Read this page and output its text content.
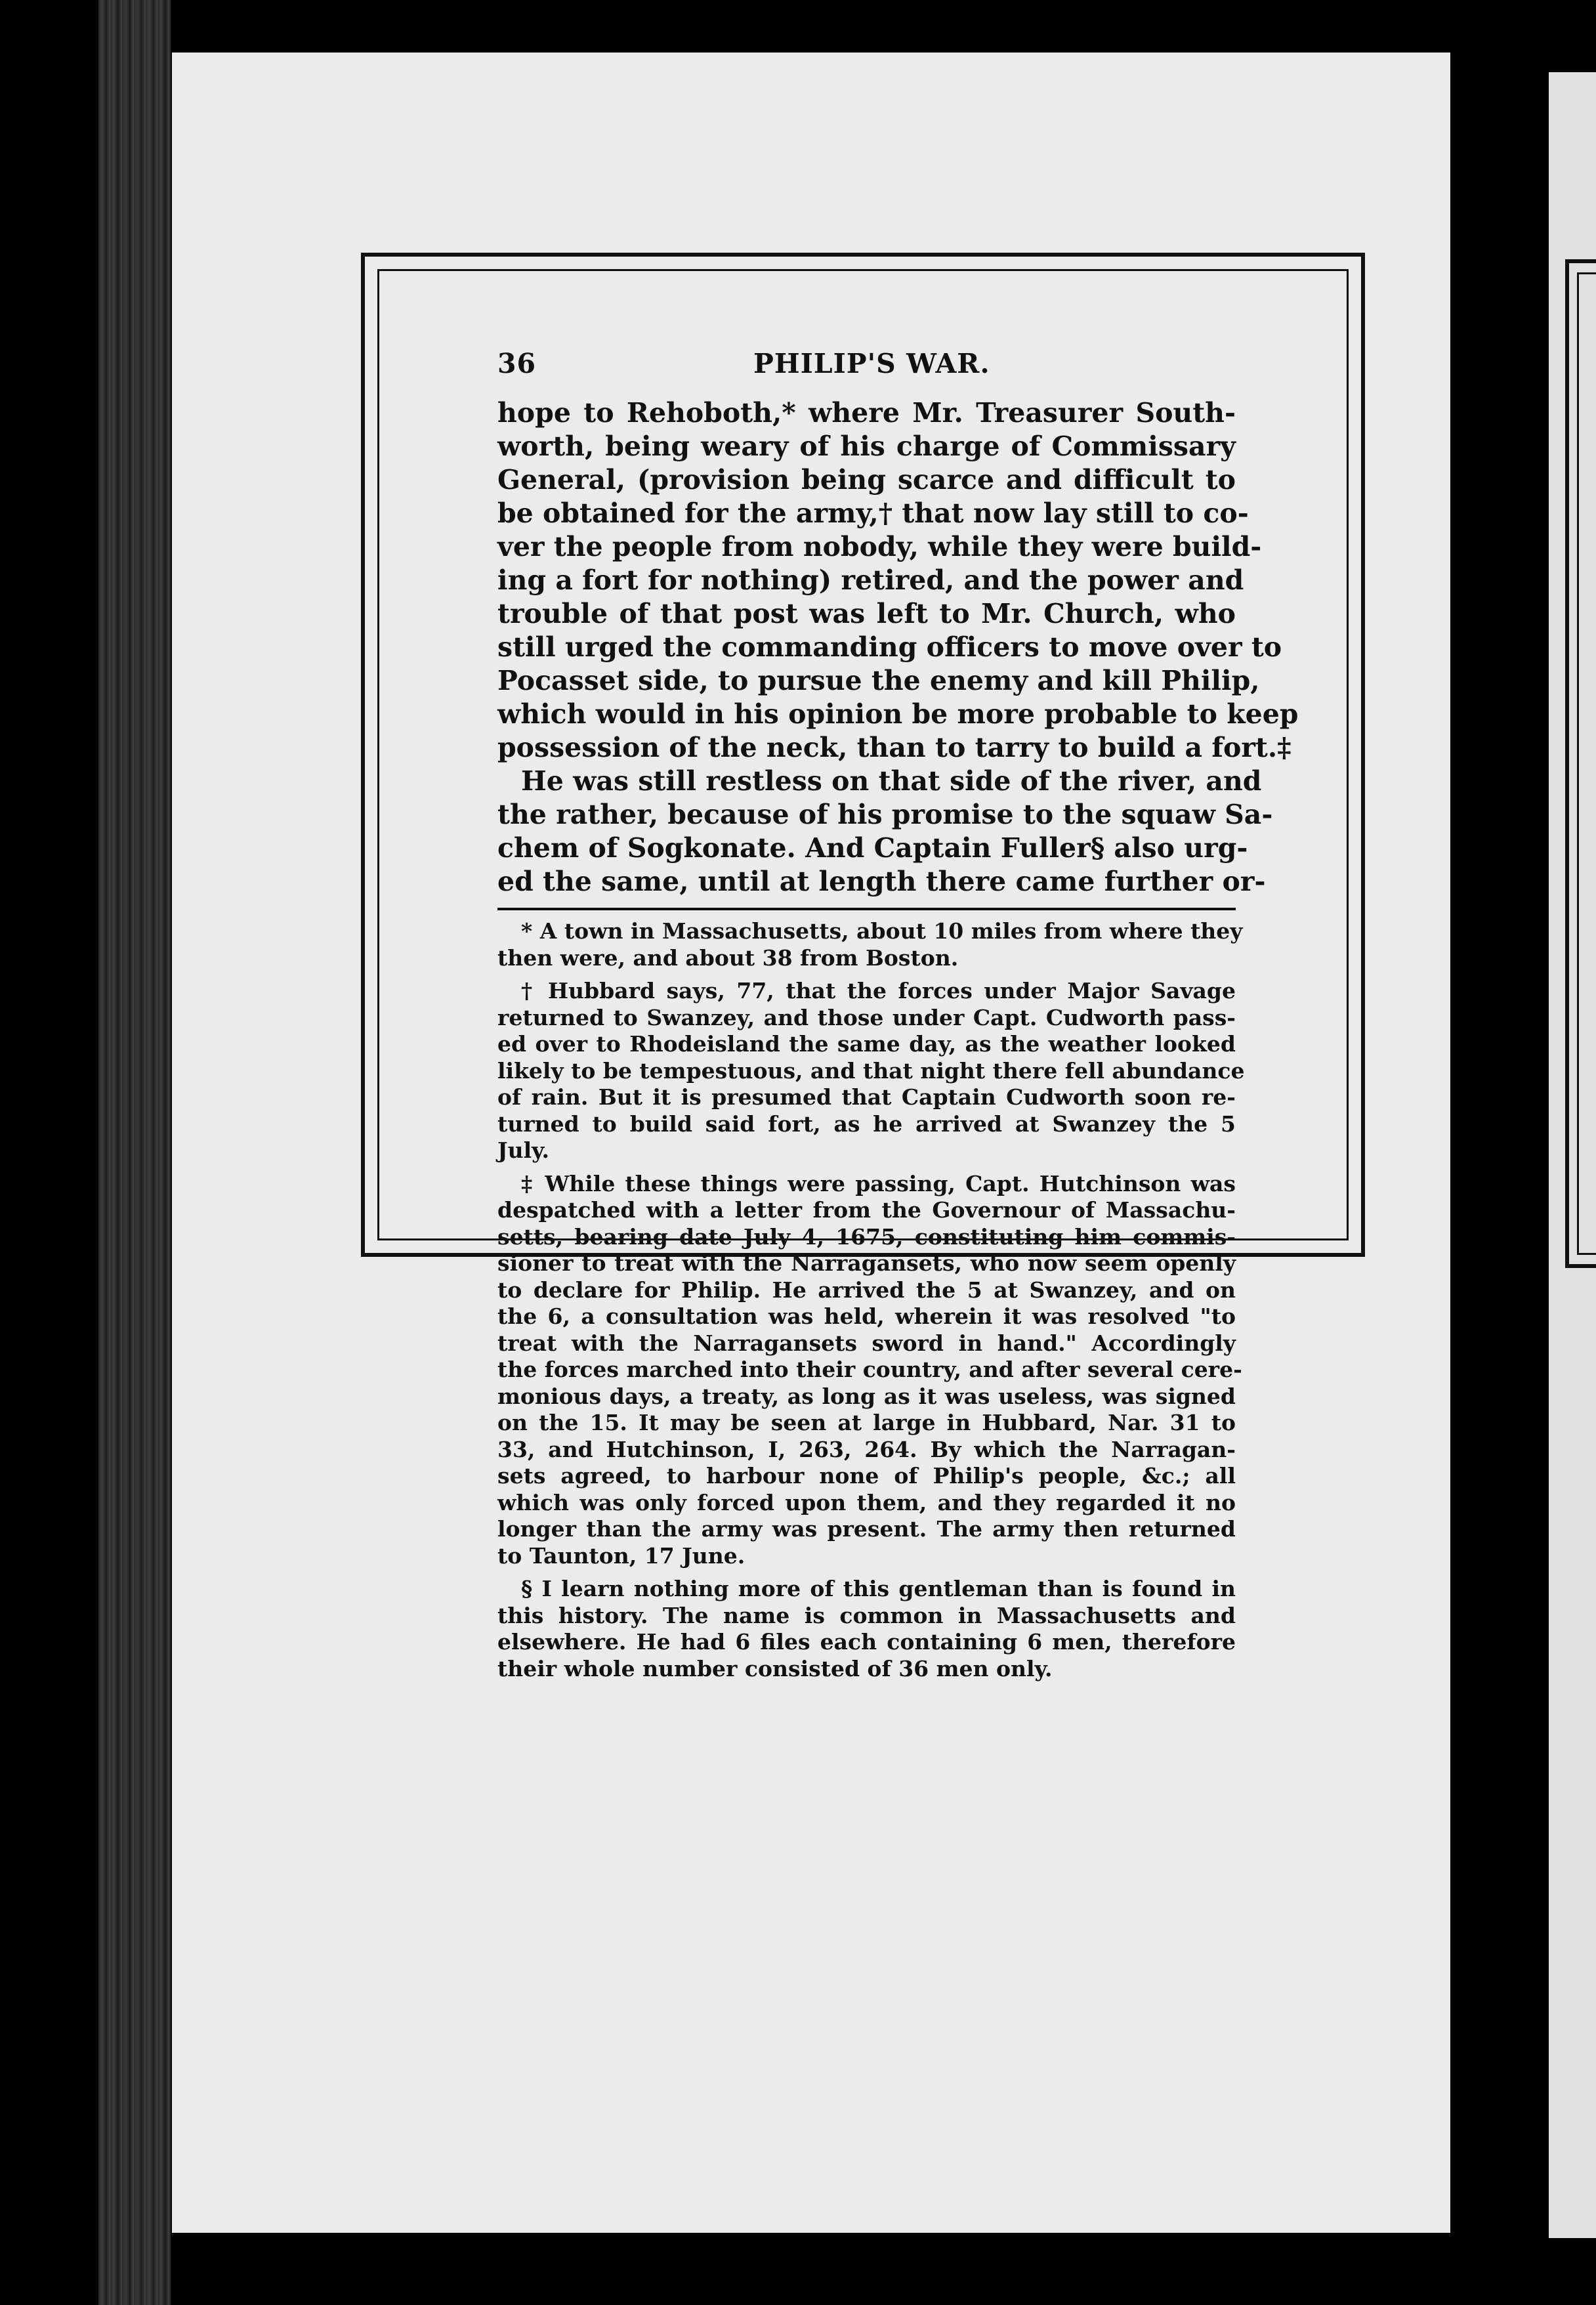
36	PHILIP'S WAR.
hope to Rehoboth,* where Mr. Treasurer South-
worth, being weary of his charge of Commissary
General, (provision being scarce and difficult to
be obtained for the army,† that now lay still to co-
ver the people from nobody, while they were build-
ing a fort for nothing) retired, and the power and
trouble of that post was left to Mr. Church, who
still urged the commanding officers to move over to
Pocasset side, to pursue the enemy and kill Philip,
which would in his opinion be more probable to keep
possession of the neck, than to tarry to build a fort.‡
He was still restless on that side of the river, and
the rather, because of his promise to the squaw Sa-
chem of Sogkonate. And Captain Fuller§ also urg-
ed the same, until at length there came further or-
* A town in Massachusetts, about 10 miles from where they
then were, and about 38 from Boston.
† Hubbard says, 77, that the forces under Major Savage
returned to Swanzey, and those under Capt. Cudworth pass-
ed over to Rhodeisland the same day, as the weather looked
likely to be tempestuous, and that night there fell abundance
of rain. But it is presumed that Captain Cudworth soon re-
turned to build said fort, as he arrived at Swanzey the 5
July.
‡ While these things were passing, Capt. Hutchinson was
despatched with a letter from the Governour of Massachu-
setts, bearing date July 4, 1675, constituting him commis-
sioner to treat with the Narragansets, who now seem openly
to declare for Philip. He arrived the 5 at Swanzey, and on
the 6, a consultation was held, wherein it was resolved "to
treat with the Narragansets sword in hand." Accordingly
the forces marched into their country, and after several cere-
monious days, a treaty, as long as it was useless, was signed
on the 15. It may be seen at large in Hubbard, Nar. 31 to
33, and Hutchinson, I, 263, 264. By which the Narragan-
sets agreed, to harbour none of Philip's people, &c.; all
which was only forced upon them, and they regarded it no
longer than the army was present. The army then returned
to Taunton, 17 June.
§ I learn nothing more of this gentleman than is found in
this history. The name is common in Massachusetts and
elsewhere. He had 6 files each containing 6 men, therefore
their whole number consisted of 36 men only.
